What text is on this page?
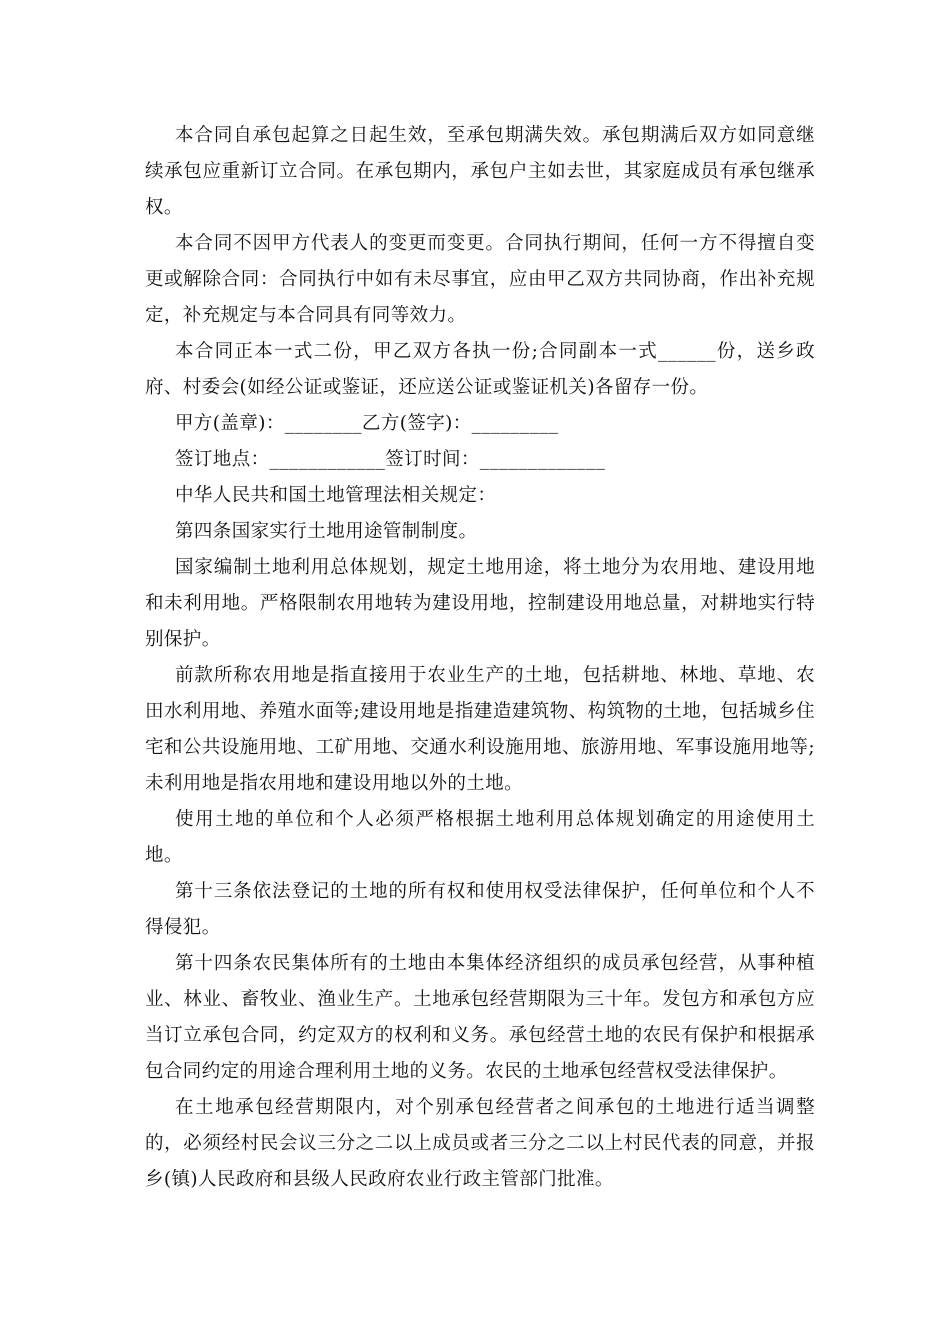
本合同自承包起算之日起生效，至承包期满失效。承包期满后双方如同意继续承包应重新订立合同。在承包期内，承包户主如去世，其家庭成员有承包继承权。

本合同不因甲方代表人的变更而变更。合同执行期间，任何一方不得擅自变更或解除合同：合同执行中如有未尽事宜，应由甲乙双方共同协商，作出补充规定，补充规定与本合同具有同等效力。

本合同正本一式二份，甲乙双方各执一份;合同副本一式______份，送乡政府、村委会(如经公证或鉴证，还应送公证或鉴证机关)各留存一份。

甲方(盖章)：________乙方(签字)：_________

签订地点：____________签订时间：_____________

中华人民共和国土地管理法相关规定：

第四条国家实行土地用途管制制度。

国家编制土地利用总体规划，规定土地用途，将土地分为农用地、建设用地和未利用地。严格限制农用地转为建设用地，控制建设用地总量，对耕地实行特别保护。

前款所称农用地是指直接用于农业生产的土地，包括耕地、林地、草地、农田水利用地、养殖水面等;建设用地是指建造建筑物、构筑物的土地，包括城乡住宅和公共设施用地、工矿用地、交通水利设施用地、旅游用地、军事设施用地等;未利用地是指农用地和建设用地以外的土地。

使用土地的单位和个人必须严格根据土地利用总体规划确定的用途使用土地。

第十三条依法登记的土地的所有权和使用权受法律保护，任何单位和个人不得侵犯。

第十四条农民集体所有的土地由本集体经济组织的成员承包经营，从事种植业、林业、畜牧业、渔业生产。土地承包经营期限为三十年。发包方和承包方应当订立承包合同，约定双方的权利和义务。承包经营土地的农民有保护和根据承包合同约定的用途合理利用土地的义务。农民的土地承包经营权受法律保护。

在土地承包经营期限内，对个别承包经营者之间承包的土地进行适当调整的，必须经村民会议三分之二以上成员或者三分之二以上村民代表的同意，并报乡(镇)人民政府和县级人民政府农业行政主管部门批准。
